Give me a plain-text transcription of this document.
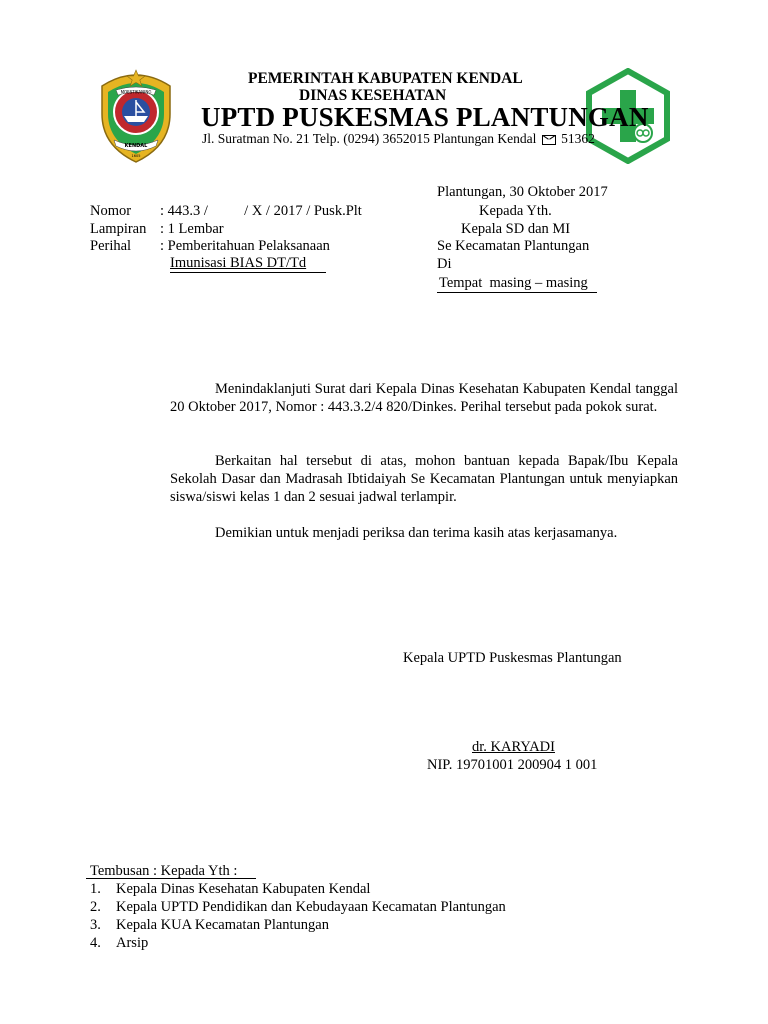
MOESTIKANING
KENDAL
1605
PEMERINTAH KABUPATEN KENDAL
DINAS KESEHATAN
UPTD PUSKESMAS PLANTUNGAN
Jl. Suratman No. 21 Telp. (0294) 3652015 Plantungan Kendal 51362
Plantungan, 30 Oktober 2017
Nomor : 443.3 /          / X / 2017 / Pusk.Plt
Lampiran : 1 Lembar
Perihal : Pemberitahuan Pelaksanaan
Imunisasi BIAS DT/Td
Kepada Yth.
Kepala SD dan MI
Se Kecamatan Plantungan
Di
Tempat  masing – masing
Menindaklanjuti Surat dari Kepala Dinas Kesehatan Kabupaten Kendal tanggal 20 Oktober 2017, Nomor : 443.3.2/4 820/Dinkes. Perihal tersebut pada pokok surat.
Berkaitan hal tersebut di atas, mohon bantuan kepada Bapak/Ibu Kepala Sekolah Dasar dan Madrasah Ibtidaiyah Se Kecamatan Plantungan untuk menyiapkan siswa/siswi kelas 1 dan 2 sesuai jadwal terlampir.
Demikian untuk menjadi periksa dan terima kasih atas kerjasamanya.
Kepala UPTD Puskesmas Plantungan
dr. KARYADI
NIP. 19701001 200904 1 001
Tembusan : Kepada Yth :
1. Kepala Dinas Kesehatan Kabupaten Kendal
2. Kepala UPTD Pendidikan dan Kebudayaan Kecamatan Plantungan
3. Kepala KUA Kecamatan Plantungan
4. Arsip
